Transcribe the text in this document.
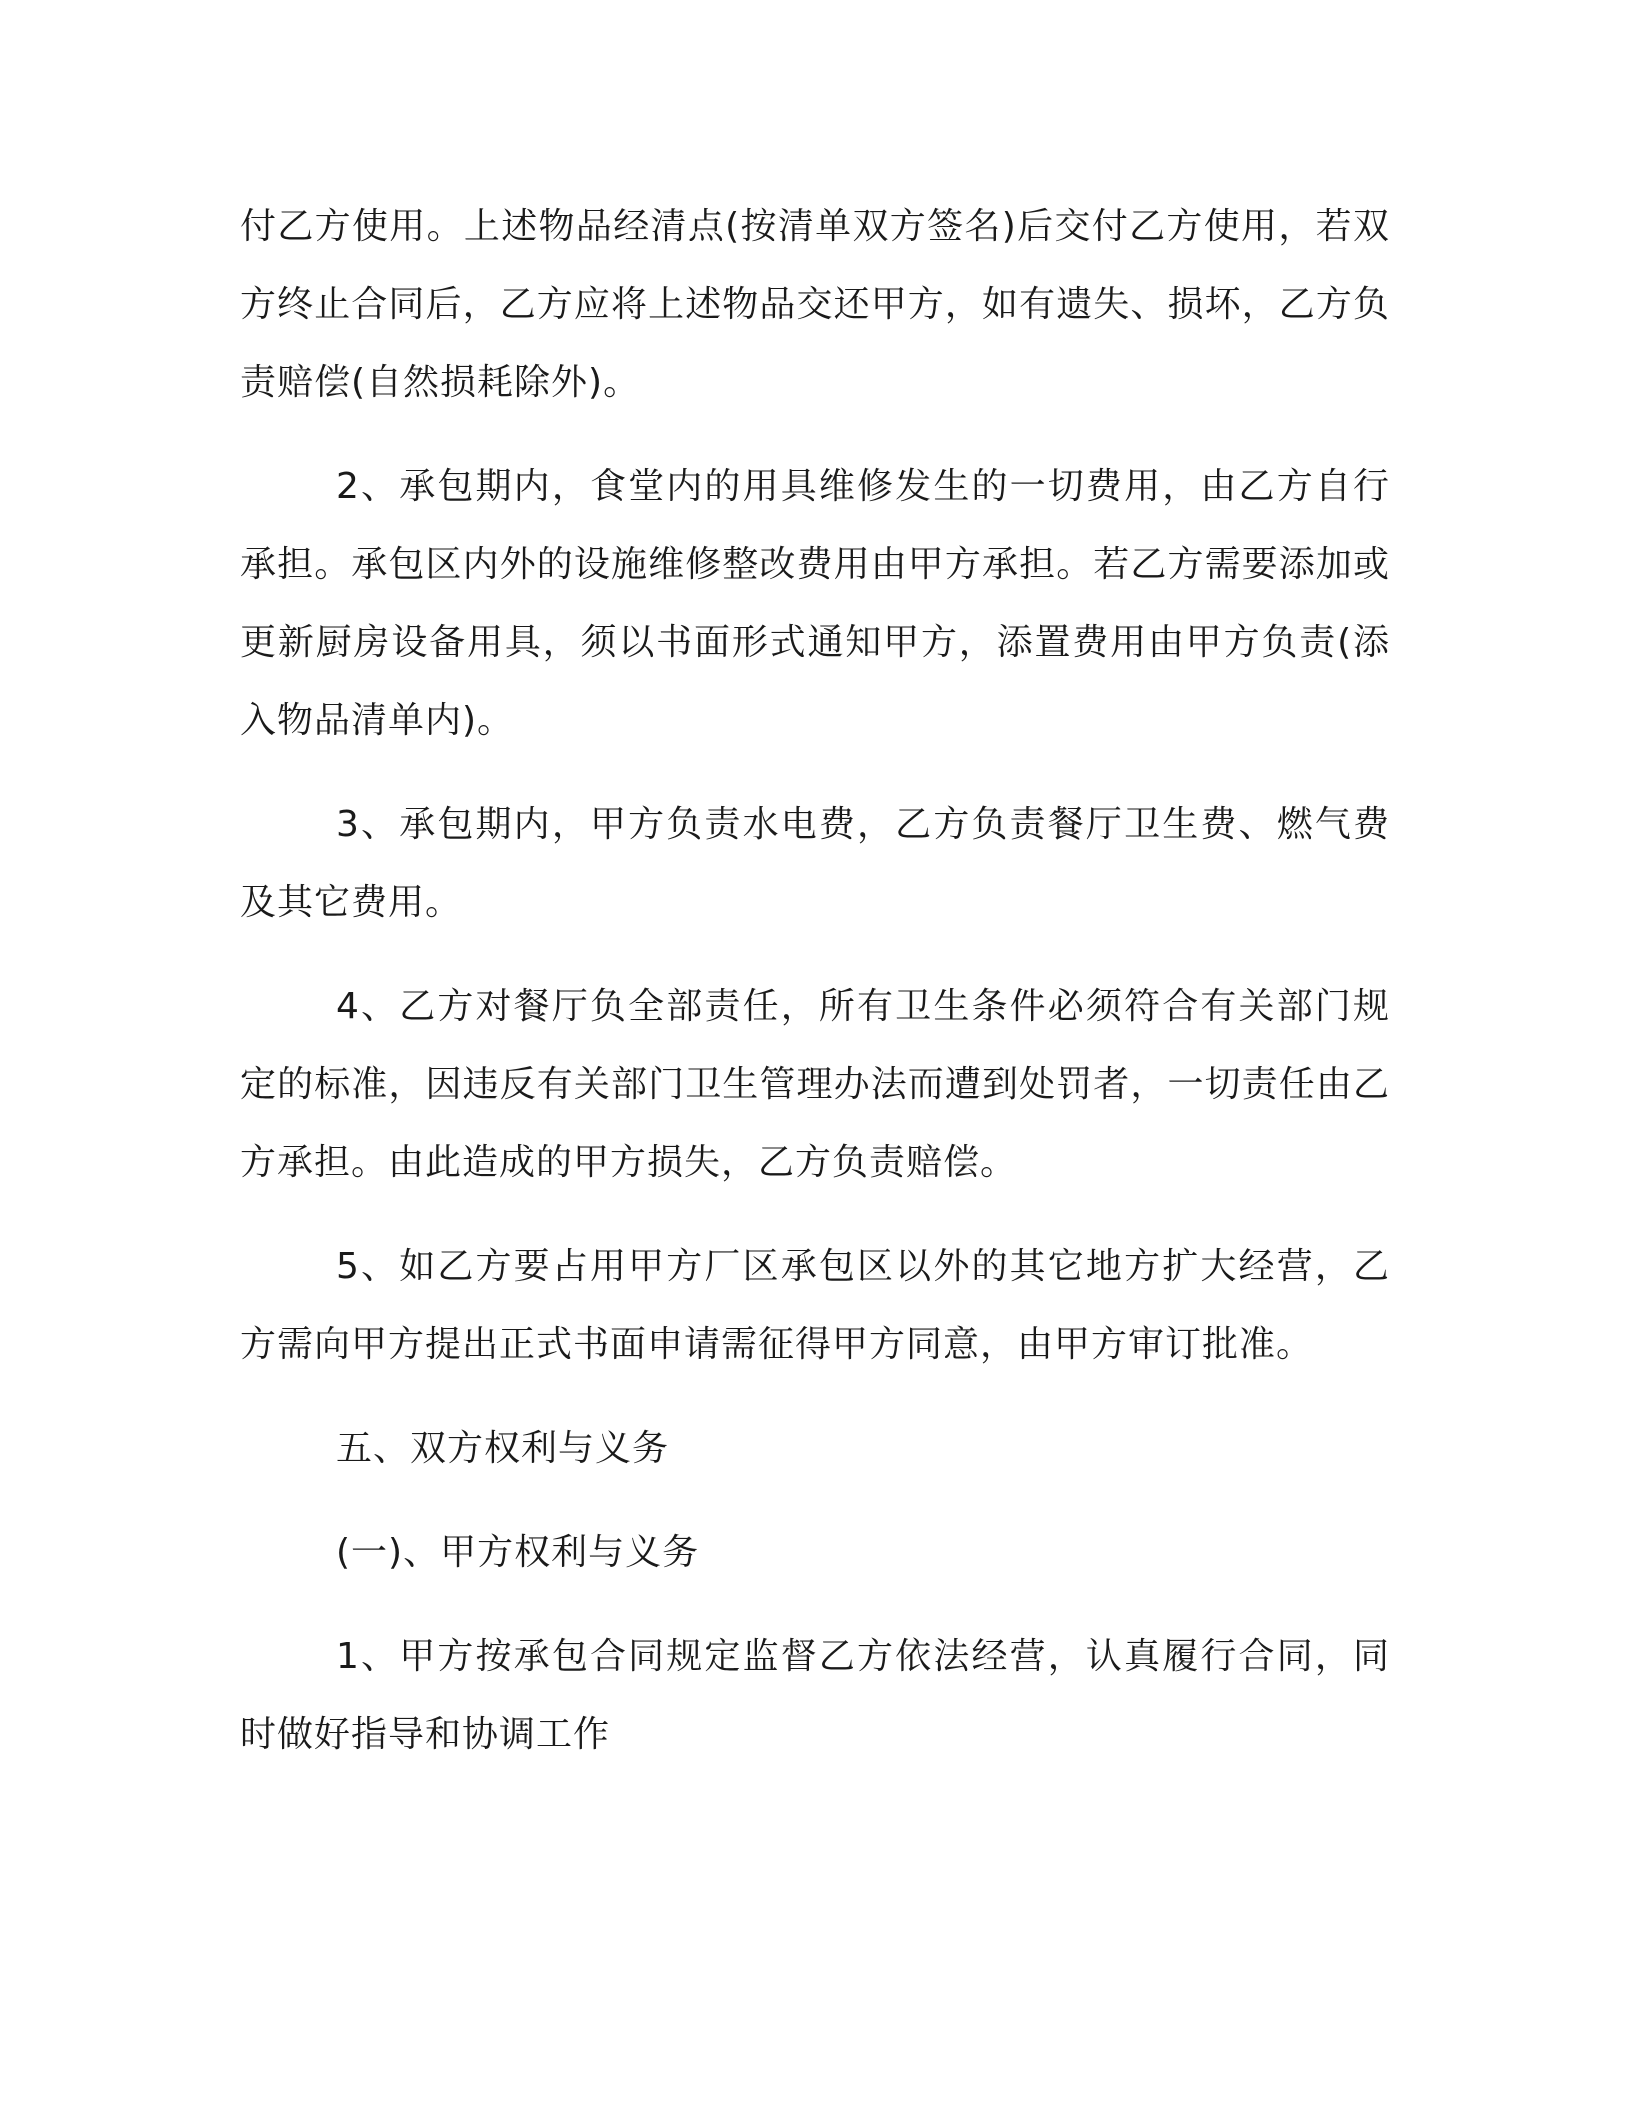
付乙方使用。上述物品经清点(按清单双方签名)后交付乙方使用，若双方终止合同后，乙方应将上述物品交还甲方，如有遗失、损坏，乙方负责赔偿(自然损耗除外)。

2、承包期内，食堂内的用具维修发生的一切费用，由乙方自行承担。承包区内外的设施维修整改费用由甲方承担。若乙方需要添加或更新厨房设备用具，须以书面形式通知甲方，添置费用由甲方负责(添入物品清单内)。

3、承包期内，甲方负责水电费，乙方负责餐厅卫生费、燃气费及其它费用。

4、乙方对餐厅负全部责任，所有卫生条件必须符合有关部门规定的标准，因违反有关部门卫生管理办法而遭到处罚者，一切责任由乙方承担。由此造成的甲方损失，乙方负责赔偿。

5、如乙方要占用甲方厂区承包区以外的其它地方扩大经营，乙方需向甲方提出正式书面申请需征得甲方同意，由甲方审订批准。

五、双方权利与义务

(一)、甲方权利与义务

1、甲方按承包合同规定监督乙方依法经营，认真履行合同，同时做好指导和协调工作
